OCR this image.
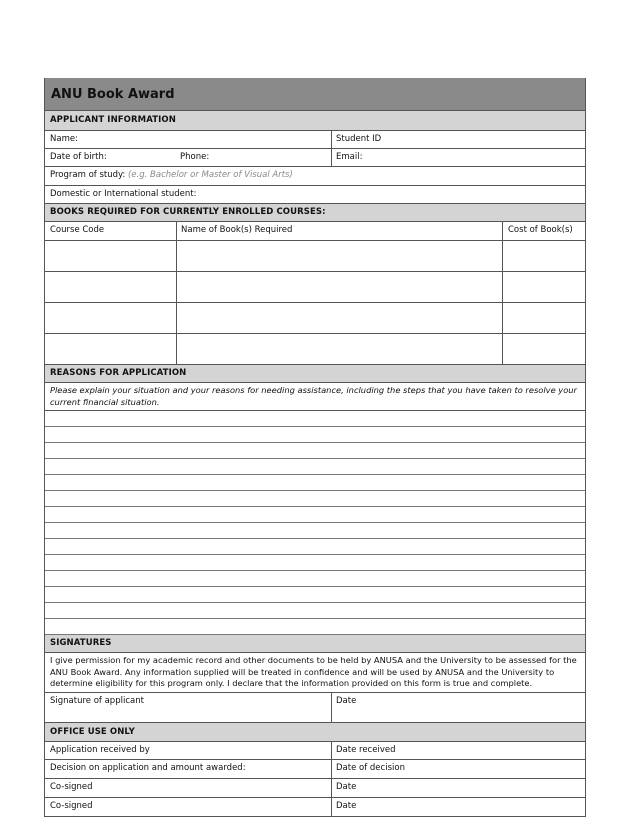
ANU Book Award
APPLICANT INFORMATION
Name:	Student ID
Date of birth:	Phone:	Email:
Program of study: (e.g. Bachelor or Master of Visual Arts)
Domestic or International student:
BOOKS REQUIRED FOR CURRENTLY ENROLLED COURSES:
Course Code	Name of Book(s) Required	Cost of Book(s)
REASONS FOR APPLICATION
Please explain your situation and your reasons for needing assistance, including the steps that you have taken to resolve your current financial situation.
SIGNATURES
I give permission for my academic record and other documents to be held by ANUSA and the University to be assessed for the ANU Book Award. Any information supplied will be treated in confidence and will be used by ANUSA and the University to determine eligibility for this program only. I declare that the information provided on this form is true and complete.
Signature of applicant	Date
OFFICE USE ONLY
Application received by	Date received
Decision on application and amount awarded:	Date of decision
Co-signed	Date
Co-signed	Date
